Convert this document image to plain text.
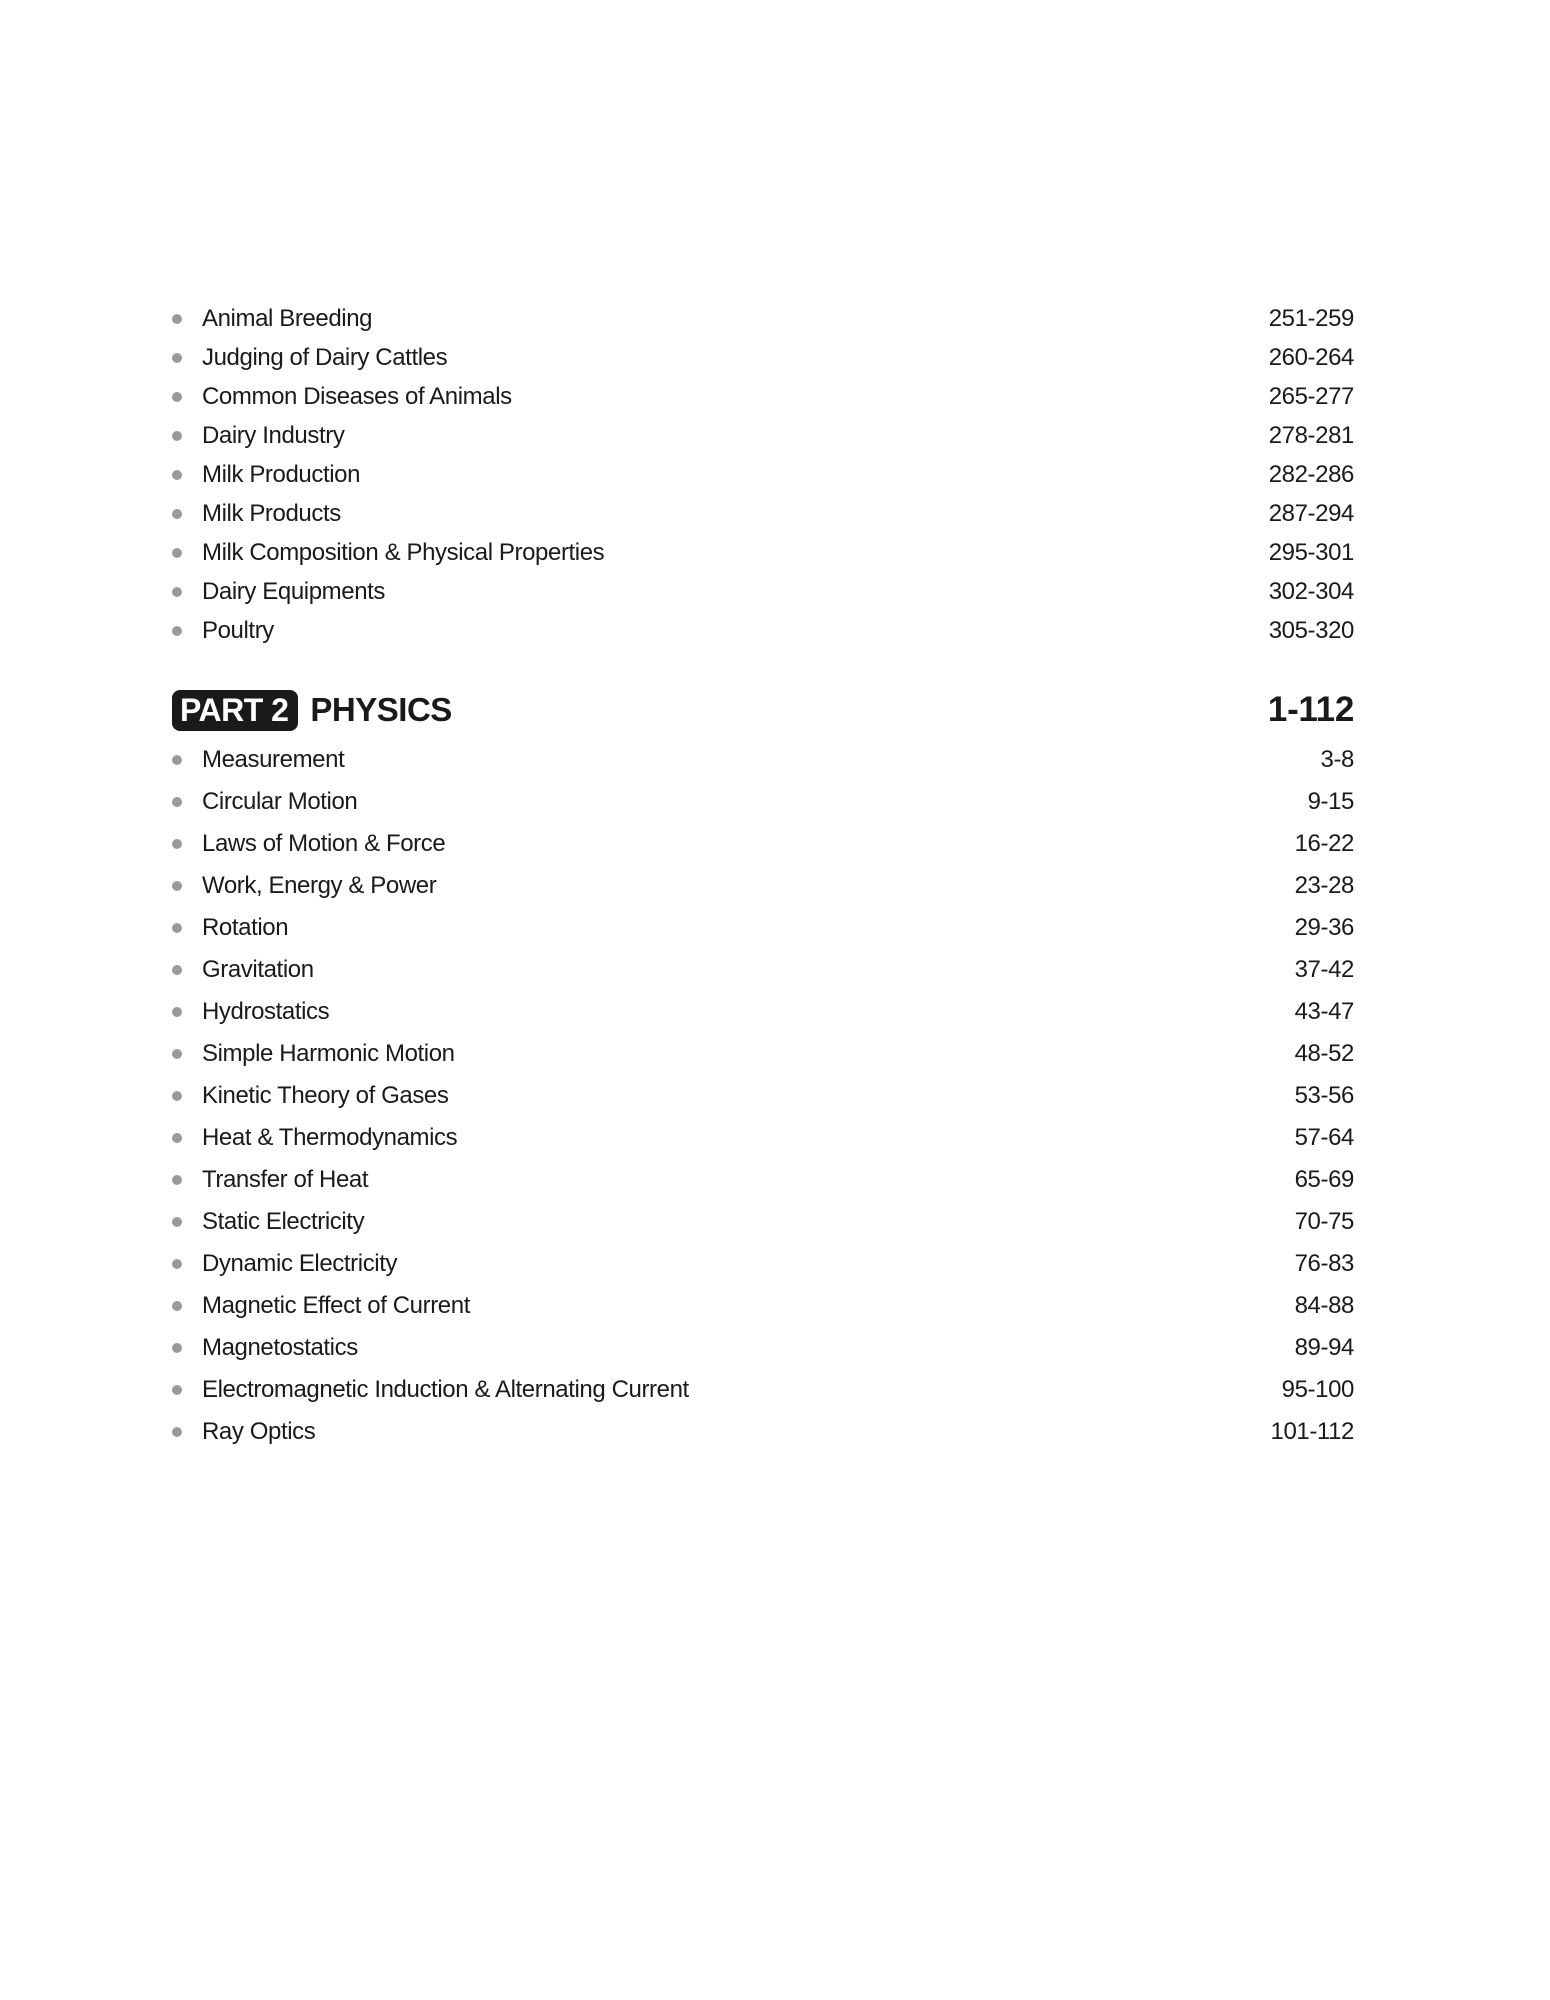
Animal Breeding	251-259
Judging of Dairy Cattles	260-264
Common Diseases of Animals	265-277
Dairy Industry	278-281
Milk Production	282-286
Milk Products	287-294
Milk Composition & Physical Properties	295-301
Dairy Equipments	302-304
Poultry	305-320
PART 2 PHYSICS	1-112
Measurement	3-8
Circular Motion	9-15
Laws of Motion & Force	16-22
Work, Energy & Power	23-28
Rotation	29-36
Gravitation	37-42
Hydrostatics	43-47
Simple Harmonic Motion	48-52
Kinetic Theory of Gases	53-56
Heat & Thermodynamics	57-64
Transfer of Heat	65-69
Static Electricity	70-75
Dynamic Electricity	76-83
Magnetic Effect of Current	84-88
Magnetostatics	89-94
Electromagnetic Induction & Alternating Current	95-100
Ray Optics	101-112
